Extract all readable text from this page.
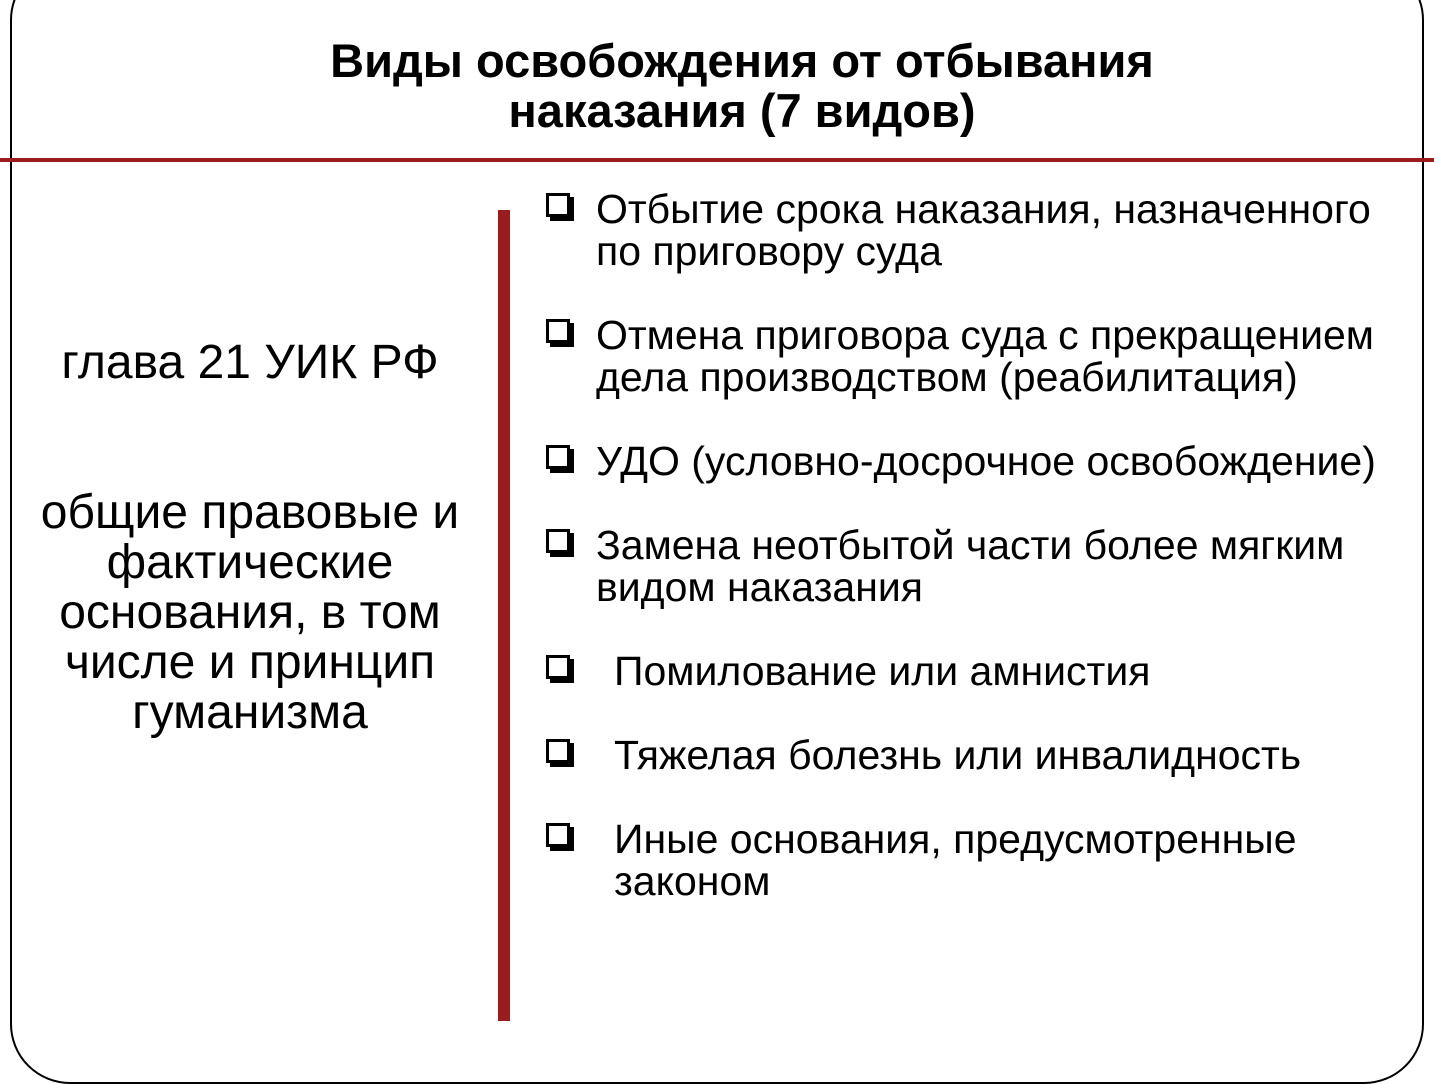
Виды освобождения от отбывания
наказания (7 видов)

глава 21 УИК РФ

общие правовые и фактические основания, в том числе и принцип гуманизма

Отбытие срока наказания, назначенного по приговору суда
Отмена приговора суда с прекращением дела производством (реабилитация)
УДО (условно-досрочное освобождение)
Замена неотбытой части более мягким видом наказания
Помилование или амнистия
Тяжелая болезнь или инвалидность
Иные основания, предусмотренные законом
